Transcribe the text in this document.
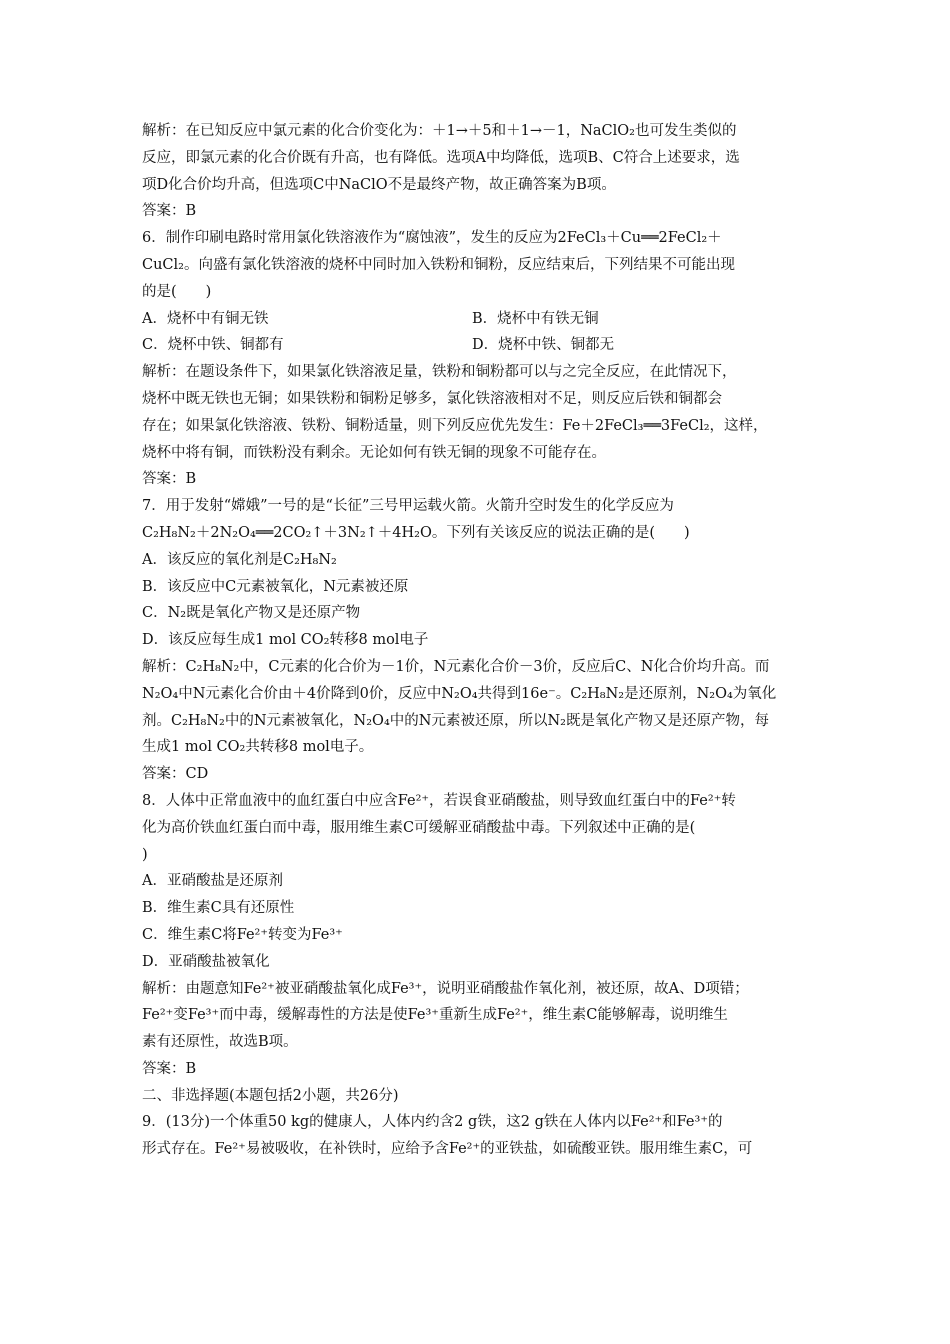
解析：在已知反应中氯元素的化合价变化为：＋1→＋5和＋1→－1，NaClO₂也可发生类似的
反应，即氯元素的化合价既有升高，也有降低。选项A中均降低，选项B、C符合上述要求，选
项D化合价均升高，但选项C中NaClO不是最终产物，故正确答案为B项。
答案：B
6．制作印刷电路时常用氯化铁溶液作为“腐蚀液”，发生的反应为2FeCl₃＋Cu══2FeCl₂＋
CuCl₂。向盛有氯化铁溶液的烧杯中同时加入铁粉和铜粉，反应结束后，下列结果不可能出现
的是(　　)
A．烧杯中有铜无铁	B．烧杯中有铁无铜
C．烧杯中铁、铜都有	D．烧杯中铁、铜都无
解析：在题设条件下，如果氯化铁溶液足量，铁粉和铜粉都可以与之完全反应，在此情况下，
烧杯中既无铁也无铜；如果铁粉和铜粉足够多，氯化铁溶液相对不足，则反应后铁和铜都会
存在；如果氯化铁溶液、铁粉、铜粉适量，则下列反应优先发生：Fe＋2FeCl₃══3FeCl₂，这样，
烧杯中将有铜，而铁粉没有剩余。无论如何有铁无铜的现象不可能存在。
答案：B
7．用于发射“嫦娥”一号的是“长征”三号甲运载火箭。火箭升空时发生的化学反应为
C₂H₈N₂＋2N₂O₄══2CO₂↑＋3N₂↑＋4H₂O。下列有关该反应的说法正确的是(　　)
A．该反应的氧化剂是C₂H₈N₂
B．该反应中C元素被氧化，N元素被还原
C．N₂既是氧化产物又是还原产物
D．该反应每生成1 mol CO₂转移8 mol电子
解析：C₂H₈N₂中，C元素的化合价为－1价，N元素化合价－3价，反应后C、N化合价均升高。而
N₂O₄中N元素化合价由＋4价降到0价，反应中N₂O₄共得到16e⁻。C₂H₈N₂是还原剂，N₂O₄为氧化
剂。C₂H₈N₂中的N元素被氧化，N₂O₄中的N元素被还原，所以N₂既是氧化产物又是还原产物，每
生成1 mol CO₂共转移8 mol电子。
答案：CD
8．人体中正常血液中的血红蛋白中应含Fe²⁺，若误食亚硝酸盐，则导致血红蛋白中的Fe²⁺转
化为高价铁血红蛋白而中毒，服用维生素C可缓解亚硝酸盐中毒。下列叙述中正确的是(
)
A．亚硝酸盐是还原剂
B．维生素C具有还原性
C．维生素C将Fe²⁺转变为Fe³⁺
D．亚硝酸盐被氧化
解析：由题意知Fe²⁺被亚硝酸盐氧化成Fe³⁺，说明亚硝酸盐作氧化剂，被还原，故A、D项错；
Fe²⁺变Fe³⁺而中毒，缓解毒性的方法是使Fe³⁺重新生成Fe²⁺，维生素C能够解毒，说明维生
素有还原性，故选B项。
答案：B
二、非选择题(本题包括2小题，共26分)
9．(13分)一个体重50 kg的健康人，人体内约含2 g铁，这2 g铁在人体内以Fe²⁺和Fe³⁺的
形式存在。Fe²⁺易被吸收，在补铁时，应给予含Fe²⁺的亚铁盐，如硫酸亚铁。服用维生素C，可
